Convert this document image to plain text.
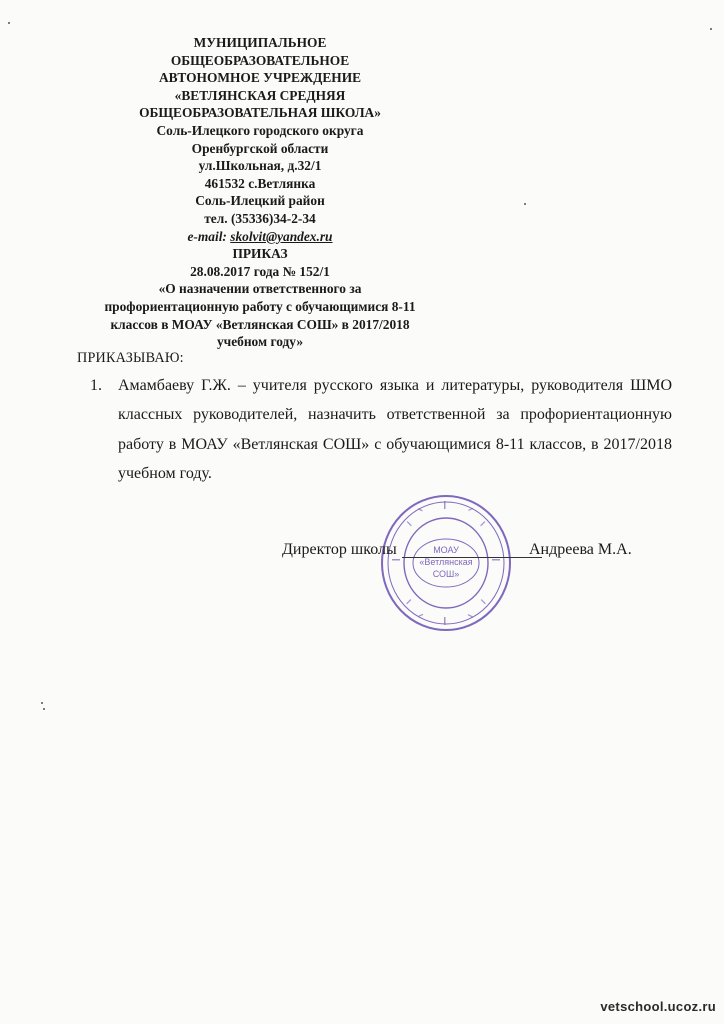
МУНИЦИПАЛЬНОЕ
ОБЩЕОБРАЗОВАТЕЛЬНОЕ
АВТОНОМНОЕ УЧРЕЖДЕНИЕ
«ВЕТЛЯНСКАЯ СРЕДНЯЯ
ОБЩЕОБРАЗОВАТЕЛЬНАЯ ШКОЛА»
Соль-Илецкого городского округа
Оренбургской области
ул.Школьная, д.32/1
461532 с.Ветлянка
Соль-Илецкий район
тел. (35336)34-2-34
e-mail: skolvit@yandex.ru
ПРИКАЗ
28.08.2017 года № 152/1
«О назначении ответственного за
профориентационную работу с обучающимися 8-11
классов в МОАУ «Ветлянская СОШ» в 2017/2018
учебном году»
ПРИКАЗЫВАЮ:
1. Амамбаеву Г.Ж. – учителя русского языка и литературы, руководителя ШМО классных руководителей, назначить ответственной за профориентационную работу в МОАУ «Ветлянская СОШ» с обучающимися 8-11 классов, в 2017/2018 учебном году.
МОАУ
«Ветлянская
СОШ»
Директор школы	Андреева М.А.
vetschool.ucoz.ru
